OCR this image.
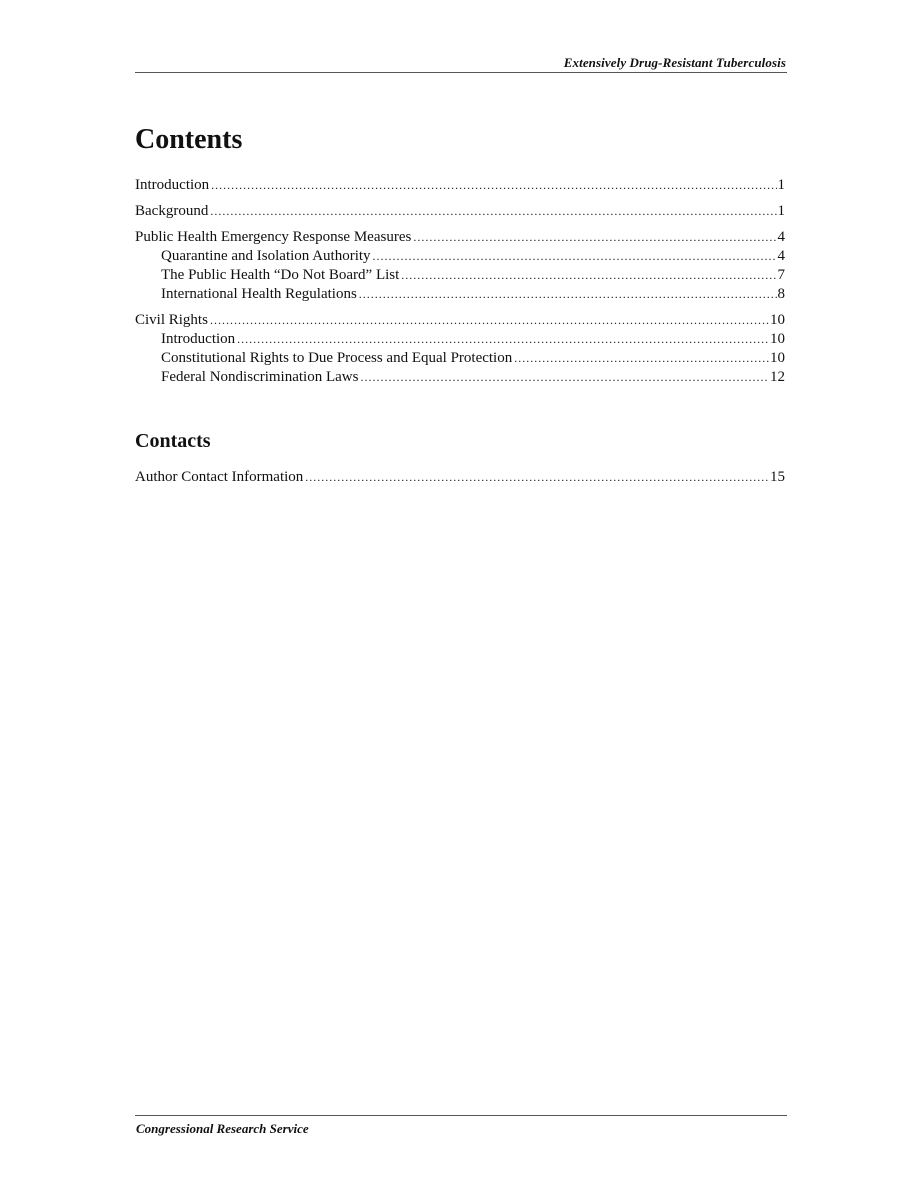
Extensively Drug-Resistant Tuberculosis
Contents
Introduction .....	1
Background .....	1
Public Health Emergency Response Measures .....	4
Quarantine and Isolation Authority .....	4
The Public Health “Do Not Board” List .....	7
International Health Regulations .....	8
Civil Rights .....	10
Introduction .....	10
Constitutional Rights to Due Process and Equal Protection .....	10
Federal Nondiscrimination Laws .....	12
Contacts
Author Contact Information .....	15
Congressional Research Service
